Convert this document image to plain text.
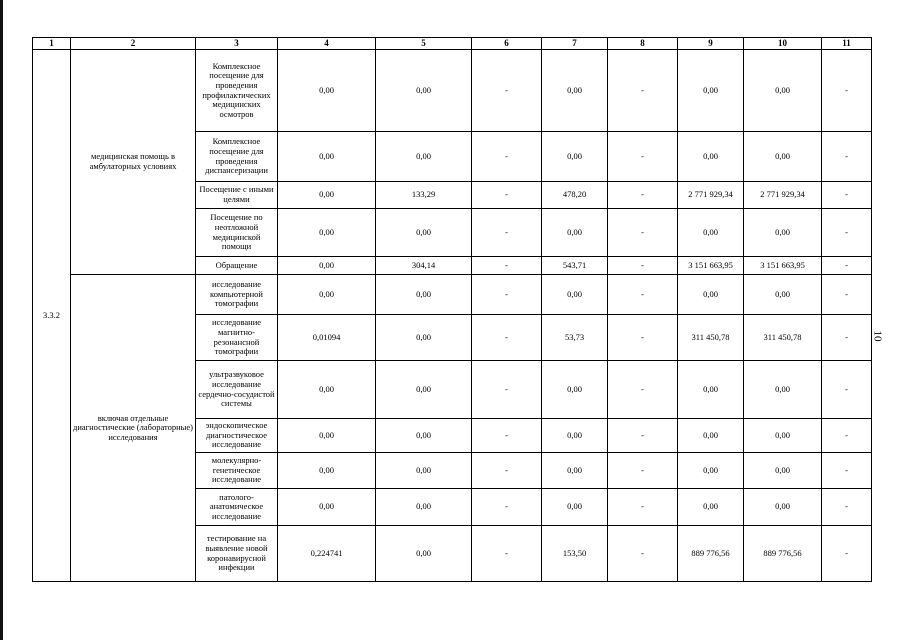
10
1	2	3	4	5	6	7	8	9	10	11
3.3.2	медицинская помощь в амбулаторных условиях	Комплексное посещение для проведения профилактических медицинских осмотров	0,00	0,00	-	0,00	-	0,00	0,00	-
		Комплексное посещение для проведения диспансеризации	0,00	0,00	-	0,00	-	0,00	0,00	-
		Посещение с иными целями	0,00	133,29	-	478,20	-	2 771 929,34	2 771 929,34	-
		Посещение по неотложной медицинской помощи	0,00	0,00	-	0,00	-	0,00	0,00	-
		Обращение	0,00	304,14	-	543,71	-	3 151 663,95	3 151 663,95	-
	включая отдельные диагностические (лабораторные) исследования	исследование компьютерной томографии	0,00	0,00	-	0,00	-	0,00	0,00	-
		исследование магнитно-резонансной томографии	0,01094	0,00	-	53,73	-	311 450,78	311 450,78	-
		ультразвуковое исследование сердечно-сосудистой системы	0,00	0,00	-	0,00	-	0,00	0,00	-
		эндоскопическое диагностическое исследование	0,00	0,00	-	0,00	-	0,00	0,00	-
		молекулярно-генетическое исследование	0,00	0,00	-	0,00	-	0,00	0,00	-
		патолого-анатомическое исследование	0,00	0,00	-	0,00	-	0,00	0,00	-
		тестирование на выявление новой коронавирусной инфекции	0,224741	0,00	-	153,50	-	889 776,56	889 776,56	-
